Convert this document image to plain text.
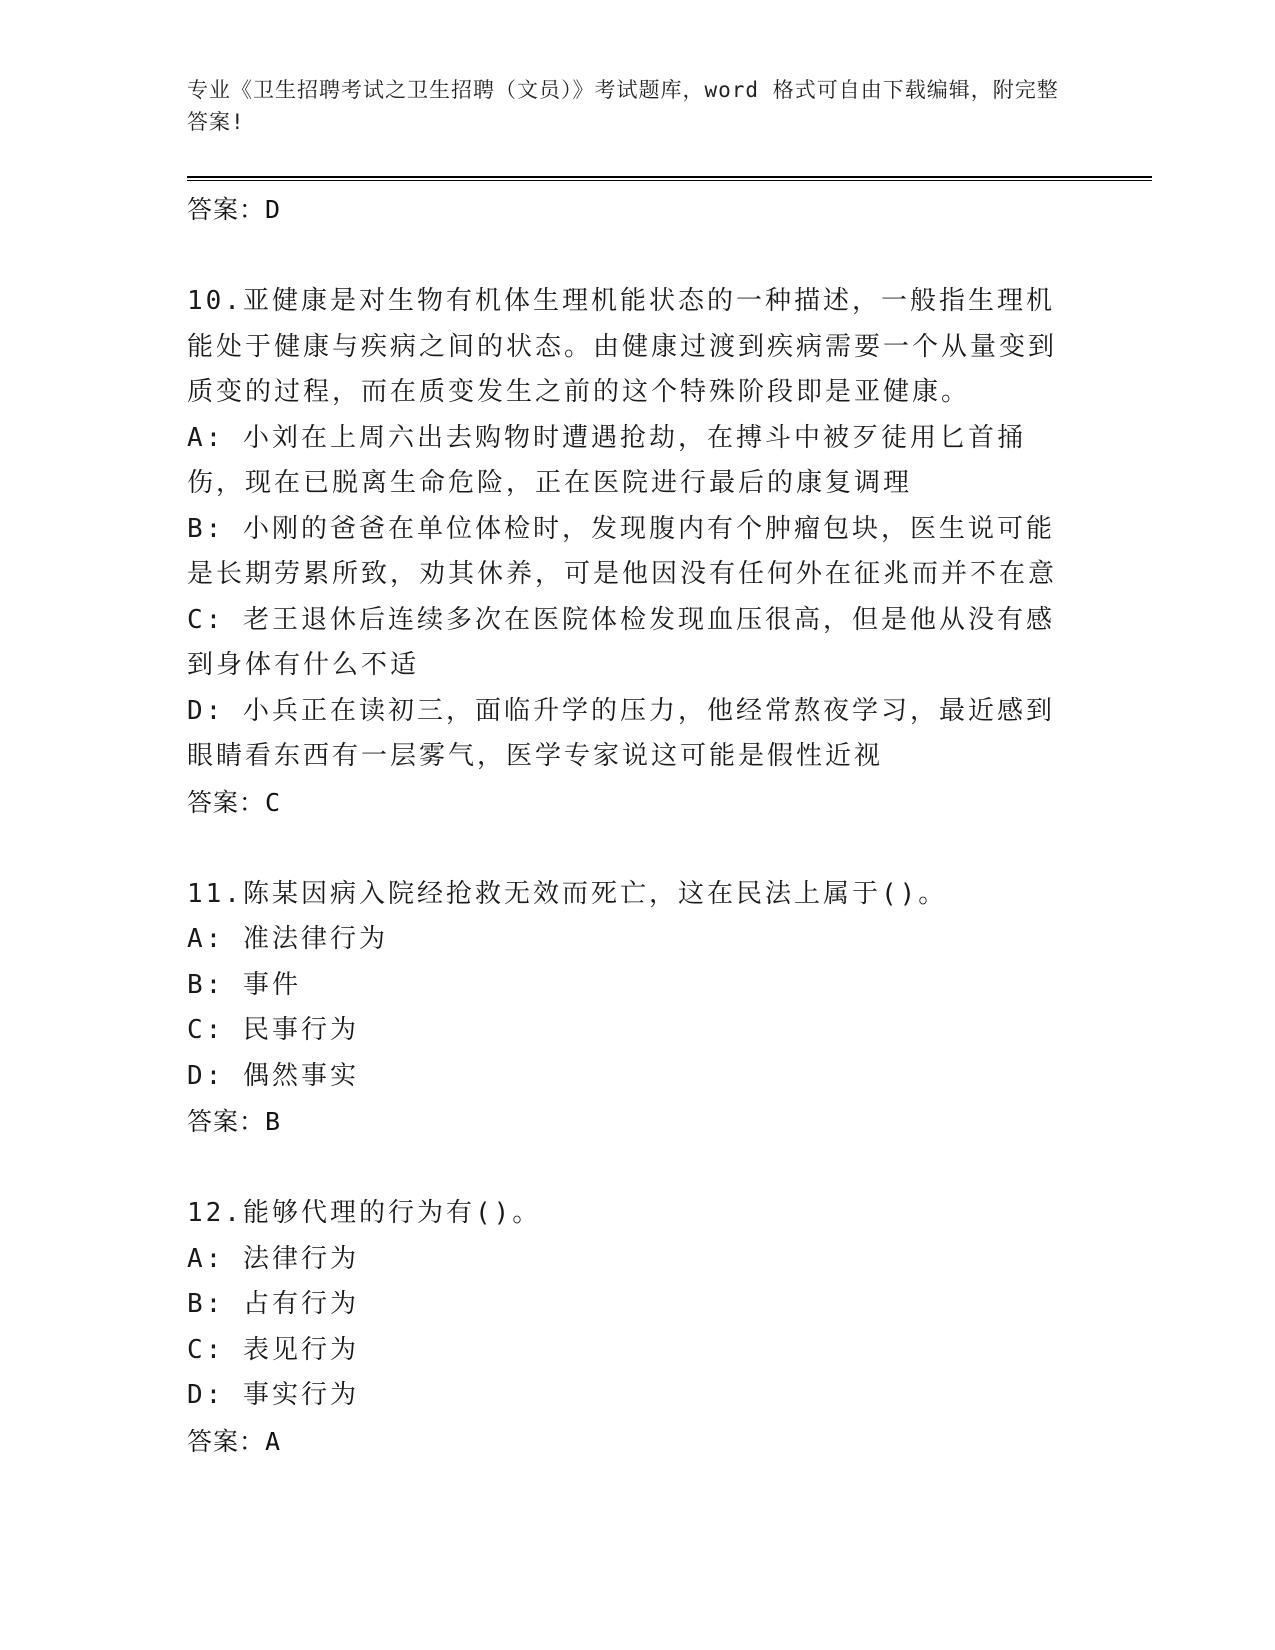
专业《卫生招聘考试之卫生招聘（文员）》考试题库，word 格式可自由下载编辑，附完整答案!
答案：D
10.亚健康是对生物有机体生理机能状态的一种描述，一般指生理机能处于健康与疾病之间的状态。由健康过渡到疾病需要一个从量变到质变的过程，而在质变发生之前的这个特殊阶段即是亚健康。
A: 小刘在上周六出去购物时遭遇抢劫，在搏斗中被歹徒用匕首捅伤，现在已脱离生命危险，正在医院进行最后的康复调理
B: 小刚的爸爸在单位体检时，发现腹内有个肿瘤包块，医生说可能是长期劳累所致，劝其休养，可是他因没有任何外在征兆而并不在意
C: 老王退休后连续多次在医院体检发现血压很高，但是他从没有感到身体有什么不适
D: 小兵正在读初三，面临升学的压力，他经常熬夜学习，最近感到眼睛看东西有一层雾气，医学专家说这可能是假性近视
答案：C
11.陈某因病入院经抢救无效而死亡，这在民法上属于()。
A: 准法律行为
B: 事件
C: 民事行为
D: 偶然事实
答案：B
12.能够代理的行为有()。
A: 法律行为
B: 占有行为
C: 表见行为
D: 事实行为
答案：A
